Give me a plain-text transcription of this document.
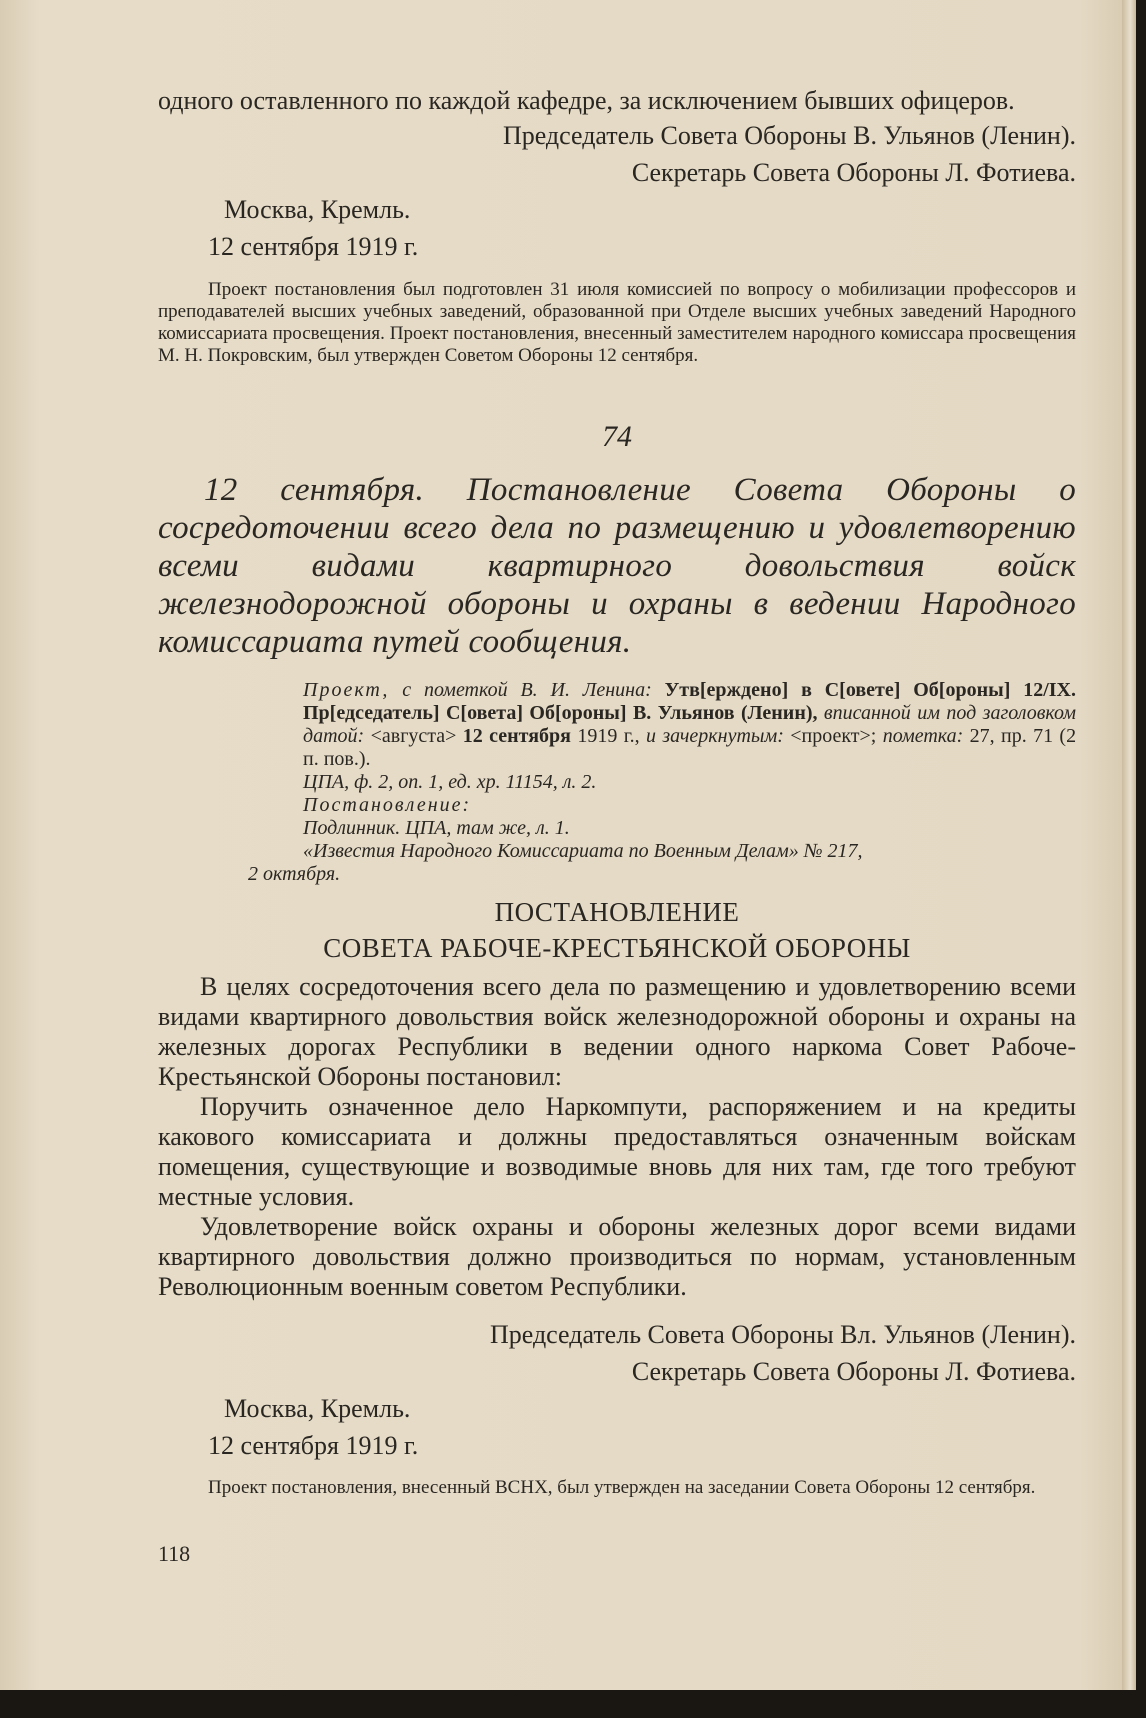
одного оставленного по каждой кафедре, за исключением бывших офицеров.
Председатель Совета Обороны В. Ульянов (Ленин).
Секретарь Совета Обороны Л. Фотиева.
Москва, Кремль.
12 сентября 1919 г.
Проект постановления был подготовлен 31 июля комиссией по вопросу о мобилизации профессоров и преподавателей высших учебных заведений, образованной при Отделе высших учебных заведений Народного комиссариата просвещения. Проект постановления, внесенный заместителем народного комиссара просвещения М. Н. Покровским, был утвержден Советом Обороны 12 сентября.
74
12 сентября. Постановление Совета Обороны о сосредоточении всего дела по размещению и удовлетворению всеми видами квартирного довольствия войск железнодорожной обороны и охраны в ведении Народного комиссариата путей сообщения.
Проект, с пометкой В. И. Ленина: Утв[ерждено] в С[овете] Об[ороны] 12/IX. Пр[едседатель] С[овета] Об[ороны] В. Ульянов (Ленин), вписанной им под заголовком датой: <августа> 12 сентября 1919 г., и зачеркнутым: <проект>; пометка: 27, пр. 71 (2 п. пов.).
ЦПА, ф. 2, оп. 1, ед. хр. 11154, л. 2.
Постановление:
Подлинник. ЦПА, там же, л. 1.
«Известия Народного Комиссариата по Военным Делам» № 217,
2 октября.
ПОСТАНОВЛЕНИЕ
СОВЕТА РАБОЧЕ-КРЕСТЬЯНСКОЙ ОБОРОНЫ

В целях сосредоточения всего дела по размещению и удовлетворению всеми видами квартирного довольствия войск железнодорожной обороны и охраны на железных дорогах Республики в ведении одного наркома Совет Рабоче-Крестьянской Обороны постановил:

Поручить означенное дело Наркомпути, распоряжением и на кредиты какового комиссариата и должны предоставляться означенным войскам помещения, существующие и возводимые вновь для них там, где того требуют местные условия.

Удовлетворение войск охраны и обороны железных дорог всеми видами квартирного довольствия должно производиться по нормам, установленным Революционным военным советом Республики.

Председатель Совета Обороны Вл. Ульянов (Ленин).
Секретарь Совета Обороны Л. Фотиева.
Москва, Кремль.
12 сентября 1919 г.
Проект постановления, внесенный ВСНХ, был утвержден на заседании Совета Обороны 12 сентября.
118
